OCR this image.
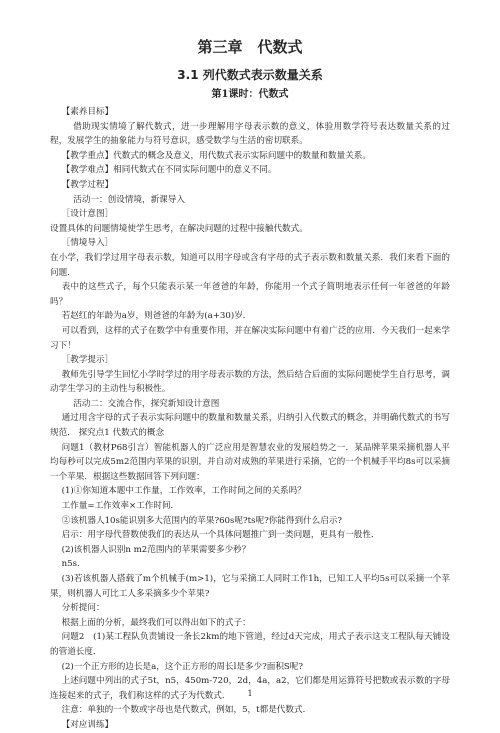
第三章　代数式
3.1 列代数式表示数量关系
第1课时：代数式

【素养目标】

借助现实情境了解代数式，进一步理解用字母表示数的意义，体验用数学符号表达数量关系的过程，发展学生的抽象能力与符号意识，感受数学与生活的密切联系。

【教学重点】代数式的概念及意义，用代数式表示实际问题中的数量和数量关系。

【教学难点】相同代数式在不同实际问题中的意义不同。

【教学过程】

活动一：创设情境，新课导入

［设计意图］

设置具体的问题情境使学生思考，在解决问题的过程中接触代数式。

［情境导入］

在小学，我们学过用字母表示数，知道可以用字母或含有字母的式子表示数和数量关系．我们来看下面的问题．

表中的这些式子，每个只能表示某一年爸爸的年龄，你能用一个式子简明地表示任何一年爸爸的年龄吗？

若赵红的年龄为a岁，则爸爸的年龄为(a+30)岁．

可以看到，这样的式子在数学中有重要作用，并在解决实际问题中有着广泛的应用．今天我们一起来学习下！

［教学提示］

教师先引导学生回忆小学时学过的用字母表示数的方法，然后结合后面的实际问题使学生自行思考，调动学生学习的主动性与积极性。

活动二：交流合作，探究新知设计意图

通过用含字母的式子表示实际问题中的数量和数量关系，归纳引入代数式的概念，并明确代数式的书写规范． 探究点1 代数式的概念

问题1（教材P68引言）智能机器人的广泛应用是智慧农业的发展趋势之一．某品牌苹果采摘机器人平均每秒可以完成5m2范围内苹果的识别，并自动对成熟的苹果进行采摘，它的一个机械手平均8s可以采摘一个苹果．根据这些数据回答下列问题：

(1)①你知道本题中工作量，工作效率，工作时间之间的关系吗？

工作量=工作效率×工作时间．

②该机器人10s能识别多大范围内的苹果?60s呢?ts呢?你能得到什么启示?

启示：用字母代替数使我们的表达从一个具体问题推广到一类问题，更具有一般性．

(2)该机器人识别n m2范围内的苹果需要多少秒？

n5s.

(3)若该机器人搭载了m个机械手(m>1)，它与采摘工人同时工作1h，已知工人平均5s可以采摘一个苹果，则机器人可比工人多采摘多少个苹果?

分析提问：

根据上面的分析，最终我们可以得出如下的式子：

问题2　(1)某工程队负责铺设一条长2km的地下管道，经过d天完成，用式子表示这支工程队每天铺设的管道长度．

(2)一个正方形的边长是a，这个正方形的周长l是多少?面积S呢?

上述问题中列出的式子5t，n5，450m-720，2d，4a，a2，它们都是用运算符号把数或表示数的字母连接起来的式子，我们称这样的式子为代数式．

注意：单独的一个数或字母也是代数式，例如，5，t都是代数式．

【对应训练】

1
